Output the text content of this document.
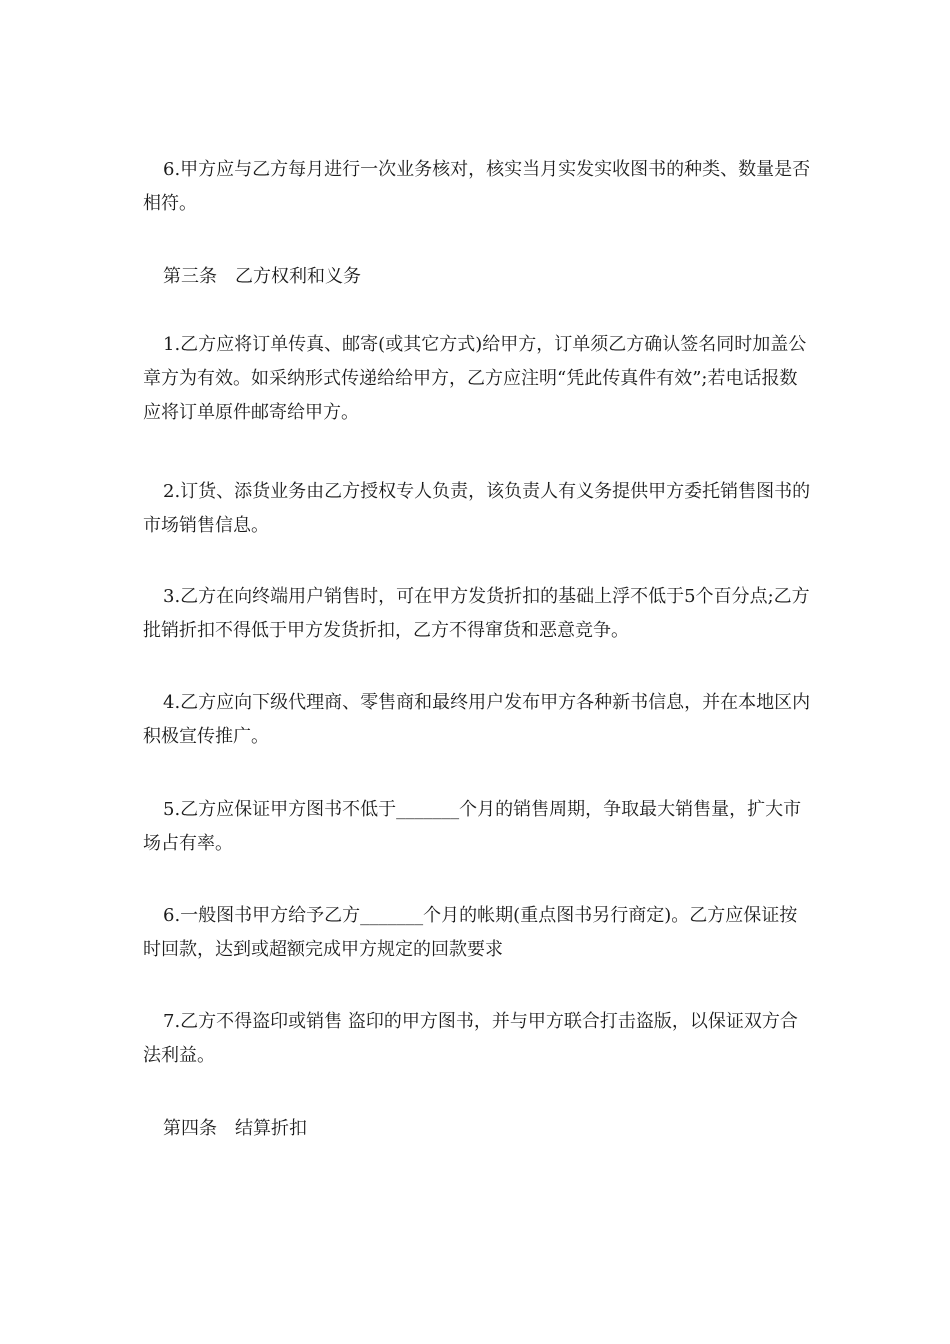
6.甲方应与乙方每月进行一次业务核对，核实当月实发实收图书的种类、数量是否相符。

第三条　乙方权利和义务

1.乙方应将订单传真、邮寄(或其它方式)给甲方，订单须乙方确认签名同时加盖公章方为有效。如采纳形式传递给给甲方，乙方应注明“凭此传真件有效”;若电话报数应将订单原件邮寄给甲方。

2.订货、添货业务由乙方授权专人负责，该负责人有义务提供甲方委托销售图书的市场销售信息。

3.乙方在向终端用户销售时，可在甲方发货折扣的基础上浮不低于5个百分点;乙方批销折扣不得低于甲方发货折扣，乙方不得窜货和恶意竞争。

4.乙方应向下级代理商、零售商和最终用户发布甲方各种新书信息，并在本地区内积极宣传推广。

5.乙方应保证甲方图书不低于_______个月的销售周期，争取最大销售量，扩大市场占有率。

6.一般图书甲方给予乙方_______个月的帐期(重点图书另行商定)。乙方应保证按时回款，达到或超额完成甲方规定的回款要求

7.乙方不得盗印或销售 盗印的甲方图书，并与甲方联合打击盗版，以保证双方合法利益。

第四条　结算折扣
